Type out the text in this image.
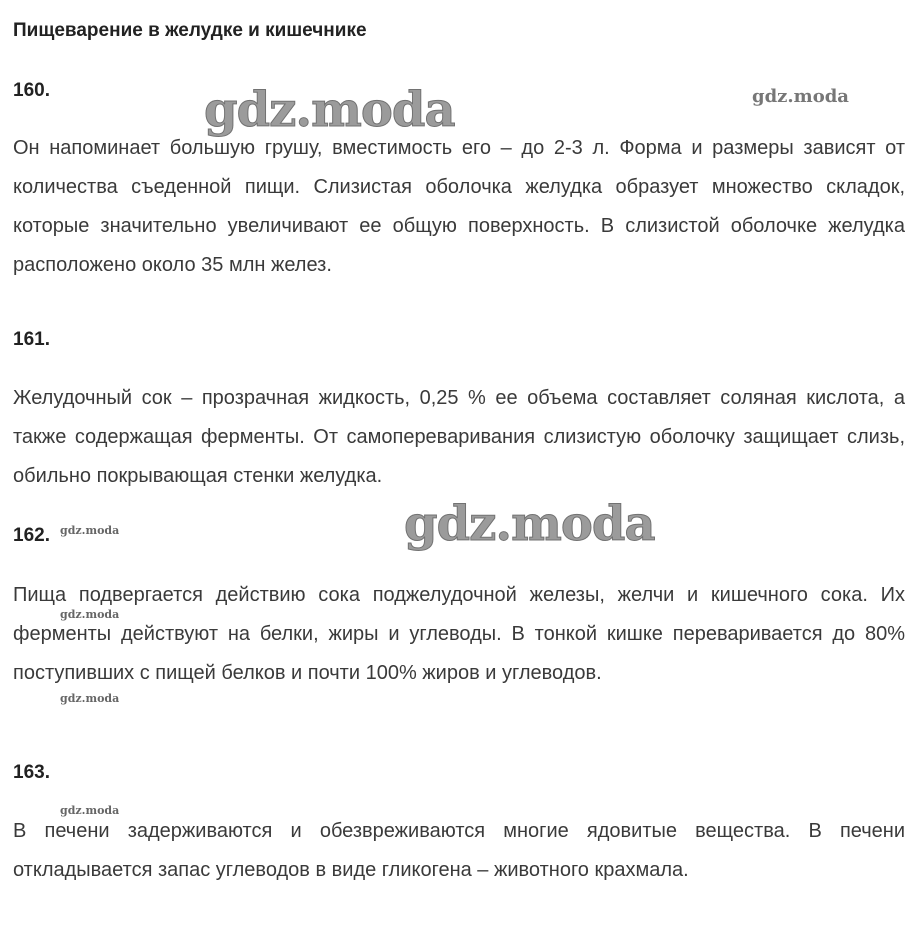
Пищеварение в желудке и кишечнике
160.

Он напоминает большую грушу, вместимость его – до 2-3 л. Форма и размеры зависят от количества съеденной пищи. Слизистая оболочка желудка образует множество складок, которые значительно увеличивают ее общую поверхность. В слизистой оболочке желудка расположено около 35 млн желез.

161.

Желудочный сок – прозрачная жидкость, 0,25 % ее объема составляет соляная кислота, а также содержащая ферменты. От самопереваривания слизистую оболочку защищает слизь, обильно покрывающая стенки желудка.

162.

Пища подвергается действию сока поджелудочной железы, желчи и кишечного сока. Их ферменты действуют на белки, жиры и углеводы. В тонкой кишке переваривается до 80% поступивших с пищей белков и почти 100% жиров и углеводов.

163.

В печени задерживаются и обезвреживаются многие ядовитые вещества. В печени откладывается запас углеводов в виде гликогена – животного крахмала.

gdz.moda	gdz.moda
gdz.moda
gdz.moda
gdz.moda
gdz.moda
gdz.moda
